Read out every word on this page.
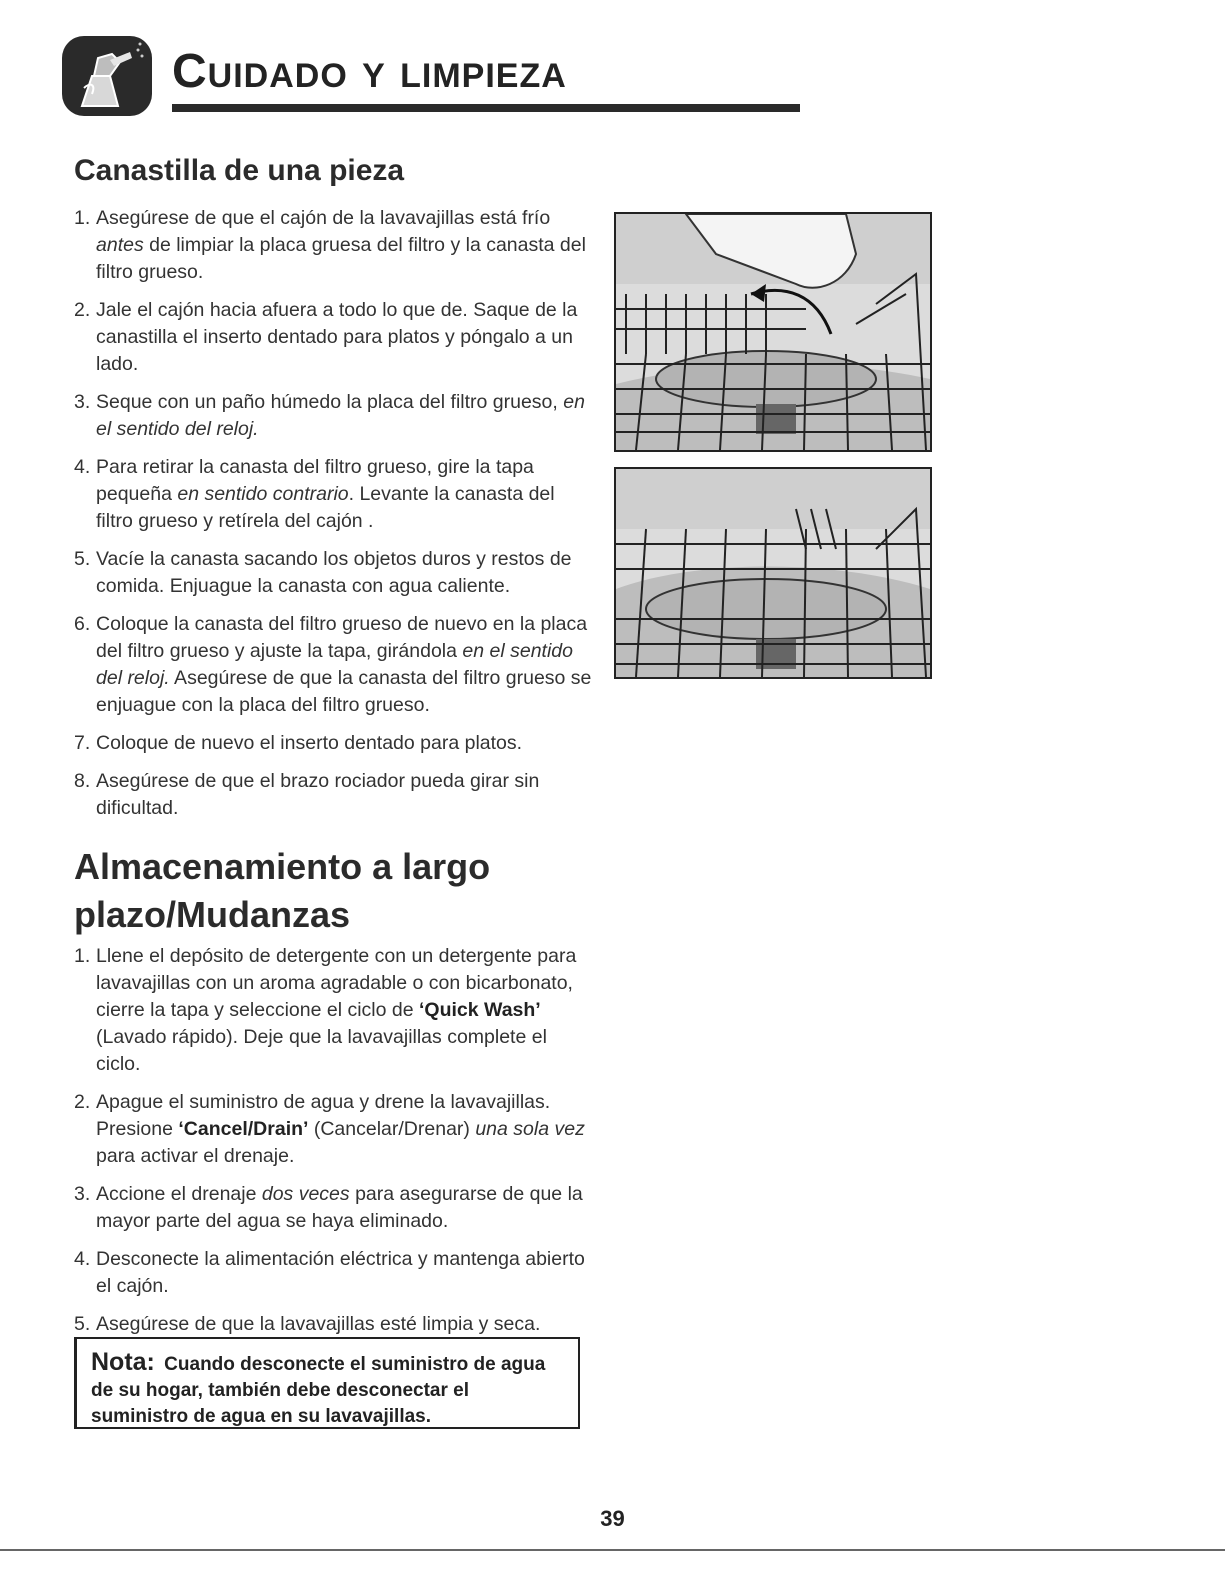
Cuidado y limpieza
Canastilla de una pieza
1. Asegúrese de que el cajón de la lavavajillas está frío antes de limpiar la placa gruesa del filtro y la canasta del filtro grueso.
2. Jale el cajón hacia afuera a todo lo que de. Saque de la canastilla el inserto dentado para platos y póngalo a un lado.
3. Seque con un paño húmedo la placa del filtro grueso, en el sentido del reloj.
4. Para retirar la canasta del filtro grueso, gire la tapa pequeña en sentido contrario. Levante la canasta del filtro grueso y retírela del cajón .
5. Vacíe la canasta sacando los objetos duros y restos de comida. Enjuague la canasta con agua caliente.
6. Coloque la canasta del filtro grueso de nuevo en la placa del filtro grueso y ajuste la tapa, girándola en el sentido del reloj. Asegúrese de que la canasta del filtro grueso se enjuague con la placa del filtro grueso.
7. Coloque de nuevo el inserto dentado para platos.
8. Asegúrese de que el brazo rociador pueda girar sin dificultad.
Almacenamiento a largo plazo/Mudanzas
1. Llene el depósito de detergente con un detergente para lavavajillas con un aroma agradable o con bicarbonato, cierre la tapa y seleccione el ciclo de ‘Quick Wash’ (Lavado rápido). Deje que la lavavajillas complete el ciclo.
2. Apague el suministro de agua y drene la lavavajillas. Presione ‘Cancel/Drain’ (Cancelar/Drenar) una sola vez para activar el drenaje.
3. Accione el drenaje dos veces para asegurarse de que la mayor parte del agua se haya eliminado.
4. Desconecte la alimentación eléctrica y mantenga abierto el cajón.
5. Asegúrese de que la lavavajillas esté limpia y seca.
Nota: Cuando desconecte el suministro de agua de su hogar, también debe desconectar el suministro de agua en su lavavajillas.
39
